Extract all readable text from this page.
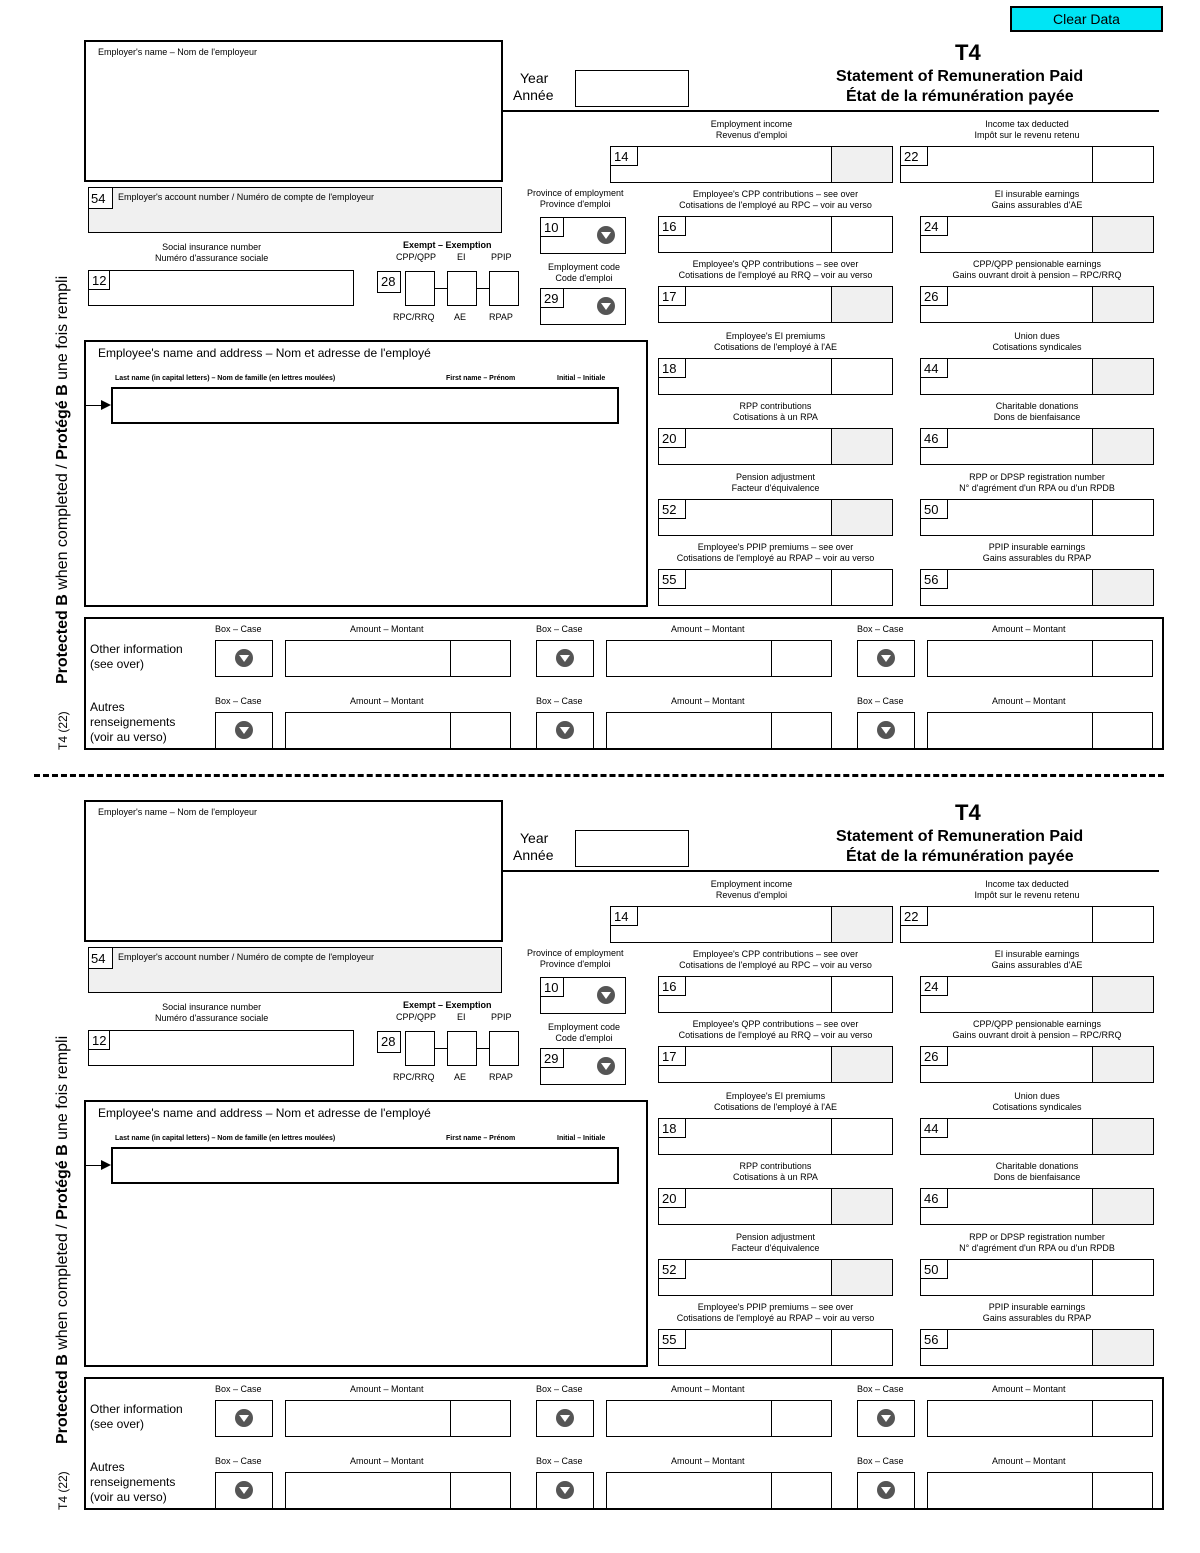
Clear Data
Employer's name – Nom de l'employeur
Year
Année
T4
Statement of Remuneration Paid
État de la rémunération payée
54 Employer's account number / Numéro de compte de l'employeur
Social insurance number
Numéro d'assurance sociale
12
Exempt – Exemption
CPP/QPP EI	PPIP
28
RPC/RRQ AE	RPAP
Province of employment
Province d'emploi
10
Employment code
Code d'emploi
29
Employee's name and address – Nom et adresse de l'employé
Last name (in capital letters) – Nom de famille (en lettres moulées)	First name – Prénom	Initial – Initiale
Employment income
Revenus d'emploi
14
Income tax deducted
Impôt sur le revenu retenu
22
Employee's CPP contributions – see over
Cotisations de l'employé au RPC – voir au verso
16
EI insurable earnings
Gains assurables d'AE
24
Employee's QPP contributions – see over
Cotisations de l'employé au RRQ – voir au verso
17
CPP/QPP pensionable earnings
Gains ouvrant droit à pension – RPC/RRQ
26
Employee's EI premiums
Cotisations de l'employé à l'AE
18
Union dues
Cotisations syndicales
44
RPP contributions
Cotisations à un RPA
20
Charitable donations
Dons de bienfaisance
46
Pension adjustment
Facteur d'équivalence
52
RPP or DPSP registration number
N° d'agrément d'un RPA ou d'un RPDB
50
Employee's PPIP premiums – see over
Cotisations de l'employé au RPAP – voir au verso
55
PPIP insurable earnings
Gains assurables du RPAP
56
Other information
(see over)
Autres
renseignements
(voir au verso)
Box – Case	Amount – Montant	Box – Case	Amount – Montant	Box – Case	Amount – Montant
Box – Case	Amount – Montant	Box – Case	Amount – Montant	Box – Case	Amount – Montant
Protected B when completed / Protégé B une fois rempli
T4 (22)
Employer's name – Nom de l'employeur
Year
Année
T4
Statement of Remuneration Paid
État de la rémunération payée
54 Employer's account number / Numéro de compte de l'employeur
Social insurance number
Numéro d'assurance sociale
12
Exempt – Exemption
CPP/QPP EI	PPIP
28
RPC/RRQ AE	RPAP
Province of employment
Province d'emploi
10
Employment code
Code d'emploi
29
Employee's name and address – Nom et adresse de l'employé
Last name (in capital letters) – Nom de famille (en lettres moulées)	First name – Prénom	Initial – Initiale
Employment income
Revenus d'emploi
14
Income tax deducted
Impôt sur le revenu retenu
22
Employee's CPP contributions – see over
Cotisations de l'employé au RPC – voir au verso
16
EI insurable earnings
Gains assurables d'AE
24
Employee's QPP contributions – see over
Cotisations de l'employé au RRQ – voir au verso
17
CPP/QPP pensionable earnings
Gains ouvrant droit à pension – RPC/RRQ
26
Employee's EI premiums
Cotisations de l'employé à l'AE
18
Union dues
Cotisations syndicales
44
RPP contributions
Cotisations à un RPA
20
Charitable donations
Dons de bienfaisance
46
Pension adjustment
Facteur d'équivalence
52
RPP or DPSP registration number
N° d'agrément d'un RPA ou d'un RPDB
50
Employee's PPIP premiums – see over
Cotisations de l'employé au RPAP – voir au verso
55
PPIP insurable earnings
Gains assurables du RPAP
56
Other information
(see over)
Autres
renseignements
(voir au verso)
Box – Case	Amount – Montant	Box – Case	Amount – Montant	Box – Case	Amount – Montant
Box – Case	Amount – Montant	Box – Case	Amount – Montant	Box – Case	Amount – Montant
Protected B when completed / Protégé B une fois rempli
T4 (22)
